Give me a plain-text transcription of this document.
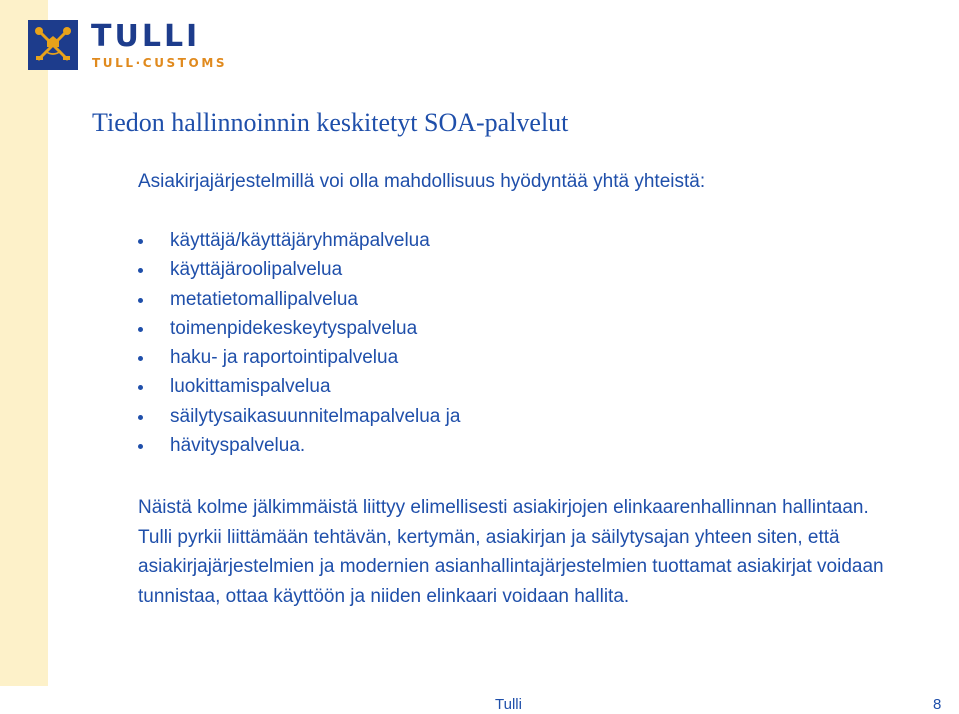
TULLI
TULL·CUSTOMS
Tiedon hallinnoinnin keskitetyt SOA-palvelut
Asiakirjajärjestelmillä voi olla mahdollisuus hyödyntää yhtä yhteistä:
käyttäjä/käyttäjäryhmäpalvelua
käyttäjäroolipalvelua
metatietomallipalvelua
toimenpidekeskeytyspalvelua
haku- ja raportointipalvelua
luokittamispalvelua
säilytysaikasuunnitelmapalvelua ja
hävityspalvelua.
Näistä kolme jälkimmäistä liittyy elimellisesti asiakirjojen elinkaarenhallinnan hallintaan.
Tulli pyrkii liittämään tehtävän, kertymän, asiakirjan ja säilytysajan yhteen siten, että asiakirjajärjestelmien ja modernien asianhallintajärjestelmien tuottamat asiakirjat voidaan tunnistaa, ottaa käyttöön ja niiden elinkaari voidaan hallita.
Tulli	8
